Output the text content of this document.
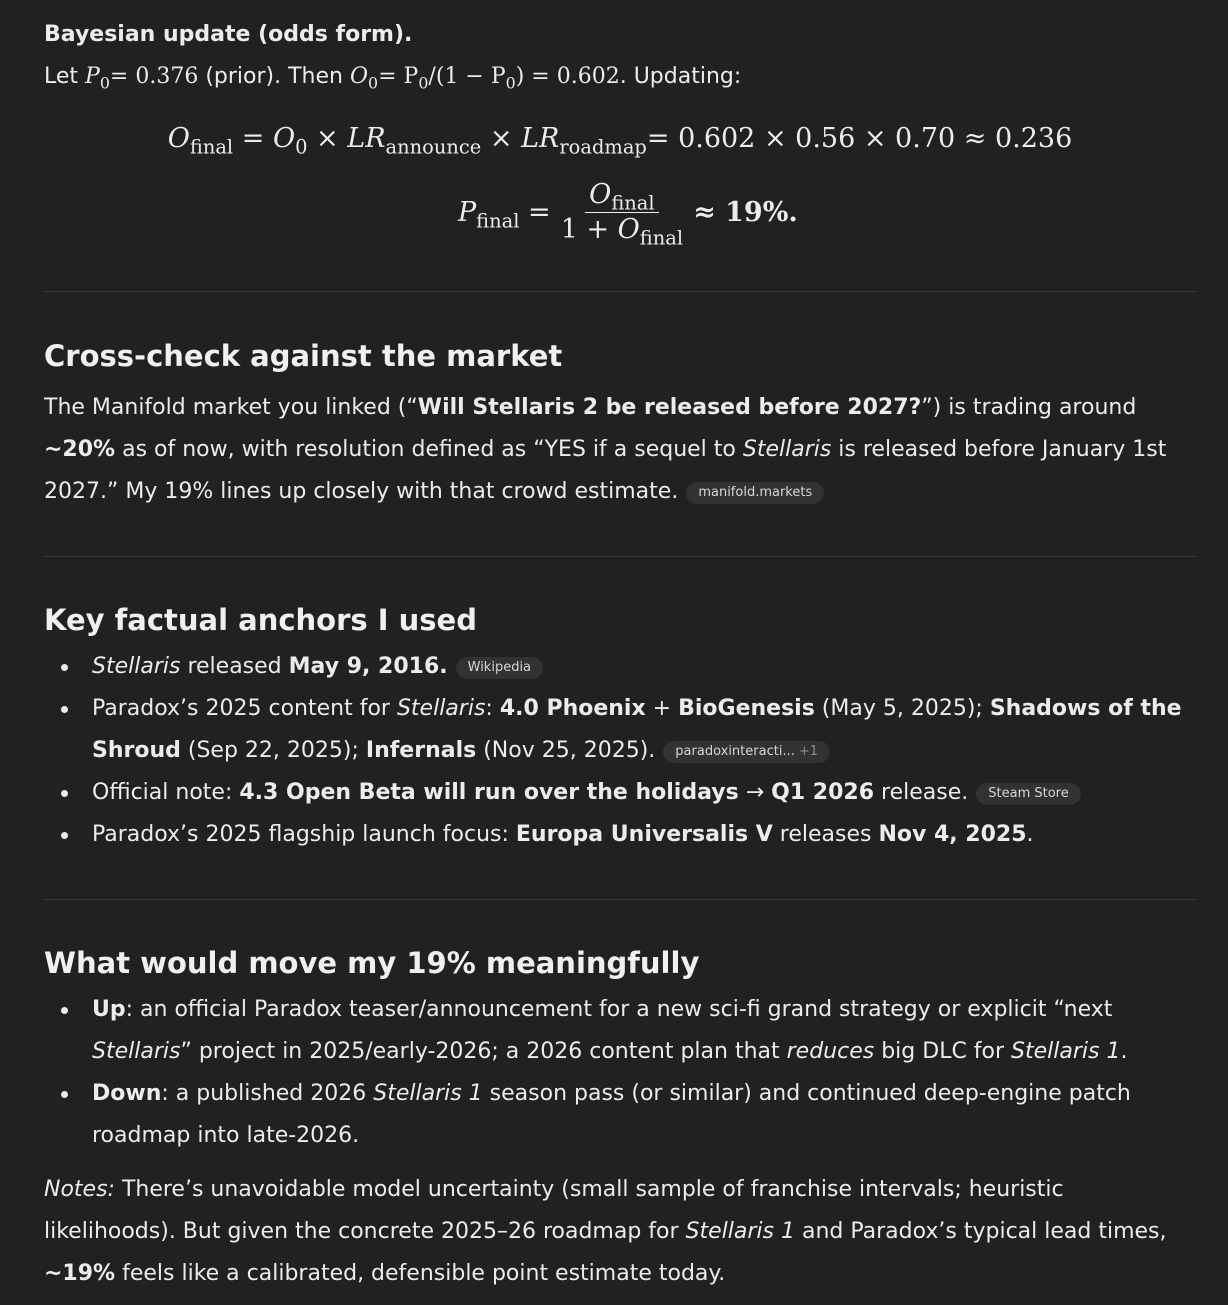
Bayesian update (odds form).

Let $P_0= 0.376$ (prior). Then $O_0= P_0/(1 - P_0) = 0.602$. Updating:

$O_{final} = O_0 \times LR_{announce} \times LR_{roadmap}= 0.602 \times 0.56 \times 0.70 \approx 0.236$
$P_{final} = \frac{O_{final}}{1 + O_{final}} \approx 19\%$.
Cross-check against the market

The Manifold market you linked (“Will Stellaris 2 be released before 2027?”) is trading around ~20% as of now, with resolution defined as “YES if a sequel to Stellaris is released before January 1st 2027.” My 19% lines up closely with that crowd estimate. manifold.markets

Key factual anchors I used
Stellaris released May 9, 2016. Wikipedia
Paradox’s 2025 content for Stellaris: 4.0 Phoenix + BioGenesis (May 5, 2025); Shadows of the Shroud (Sep 22, 2025); Infernals (Nov 25, 2025). paradoxinteracti... +1
Official note: 4.3 Open Beta will run over the holidays → Q1 2026 release. Steam Store
Paradox’s 2025 flagship launch focus: Europa Universalis V releases Nov 4, 2025.
What would move my 19% meaningfully
Up: an official Paradox teaser/announcement for a new sci-fi grand strategy or explicit “next Stellaris” project in 2025/early-2026; a 2026 content plan that reduces big DLC for Stellaris 1.
Down: a published 2026 Stellaris 1 season pass (or similar) and continued deep-engine patch roadmap into late-2026.

Notes: There’s unavoidable model uncertainty (small sample of franchise intervals; heuristic likelihoods). But given the concrete 2025–26 roadmap for Stellaris 1 and Paradox’s typical lead times, ~19% feels like a calibrated, defensible point estimate today.
